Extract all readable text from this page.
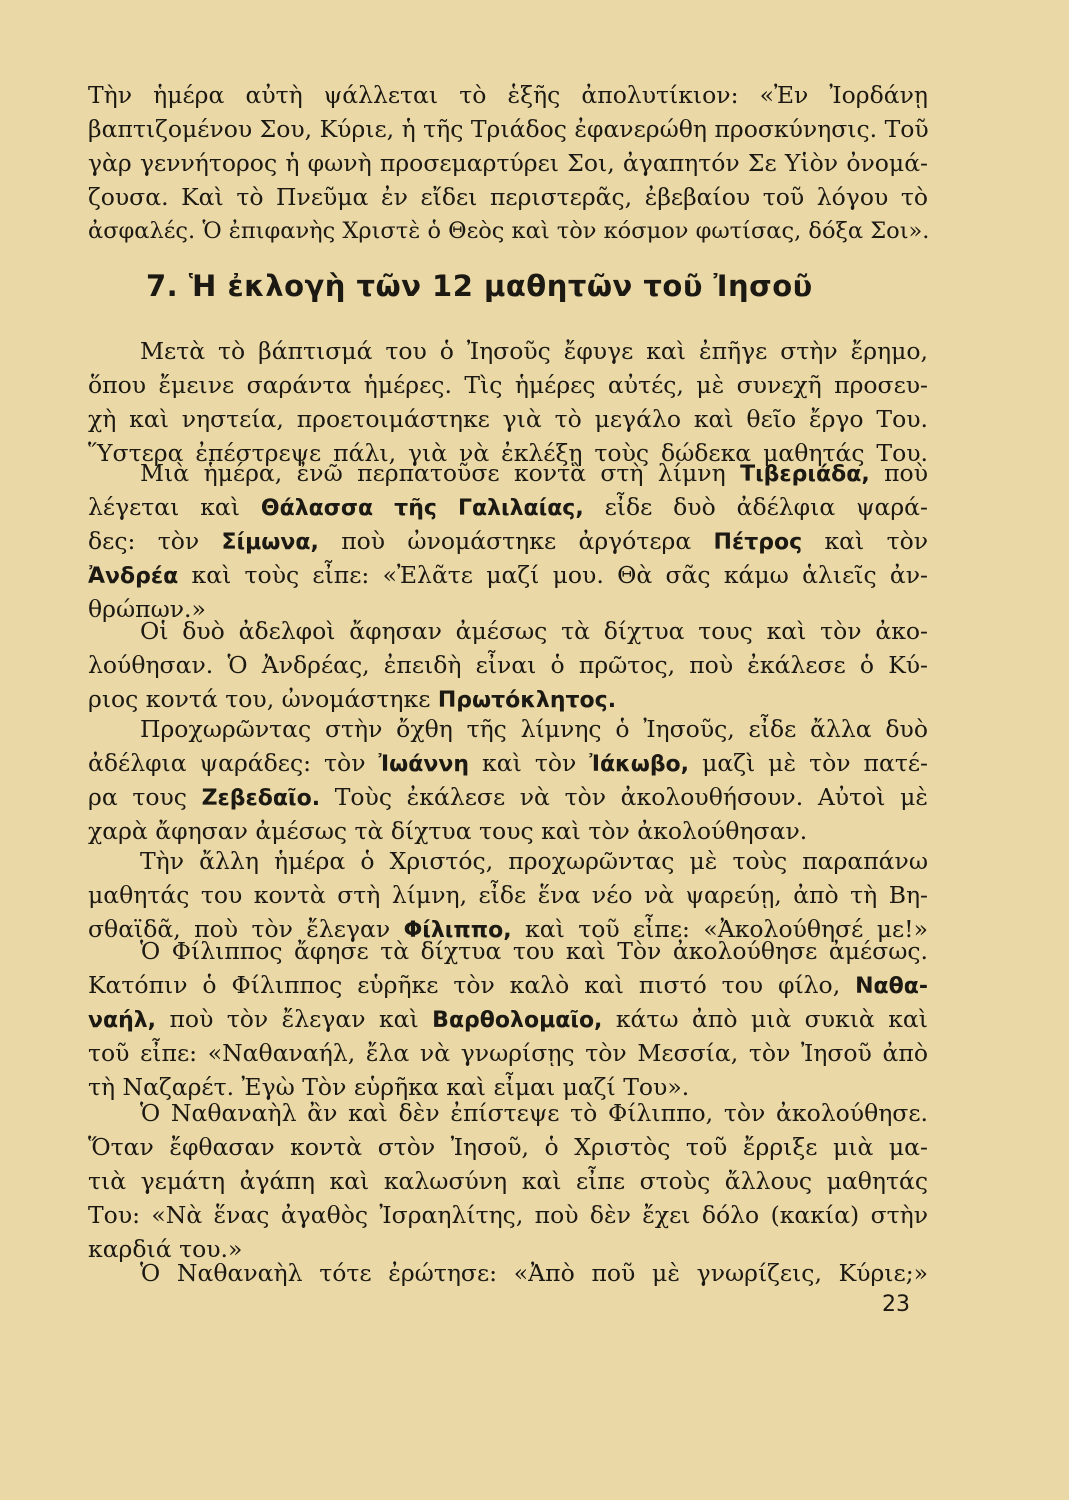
Τὴν ἡμέρα αὐτὴ ψάλλεται τὸ ἑξῆς ἀπολυτίκιον: «Ἐν Ἰορδάνῃ
βαπτιζομένου Σου, Κύριε, ἡ τῆς Τριάδος ἐφανερώθη προσκύνησις. Τοῦ
γὰρ γεννήτορος ἡ φωνὴ προσεμαρτύρει Σοι, ἀγαπητόν Σε Υἱὸν ὀνομά-
ζουσα. Καὶ τὸ Πνεῦμα ἐν εἴδει περιστερᾶς, ἐβεβαίου τοῦ λόγου τὸ
ἀσφαλές. Ὁ ἐπιφανὴς Χριστὲ ὁ Θεὸς καὶ τὸν κόσμον φωτίσας, δόξα Σοι».
7. Ἡ ἐκλογὴ τῶν 12 μαθητῶν τοῦ Ἰησοῦ
Μετὰ τὸ βάπτισμά του ὁ Ἰησοῦς ἔφυγε καὶ ἐπῆγε στὴν ἔρημο,
ὅπου ἔμεινε σαράντα ἡμέρες. Τὶς ἡμέρες αὐτές, μὲ συνεχῆ προσευ-
χὴ καὶ νηστεία, προετοιμάστηκε γιὰ τὸ μεγάλο καὶ θεῖο ἔργο Του.
Ὕστερα ἐπέστρεψε πάλι, γιὰ νὰ ἐκλέξῃ τοὺς δώδεκα μαθητάς Του.
Μιὰ ἡμέρα, ἐνῶ περπατοῦσε κοντὰ στὴ λίμνη Τιβεριάδα, ποὺ
λέγεται καὶ Θάλασσα τῆς Γαλιλαίας, εἶδε δυὸ ἀδέλφια ψαρά-
δες: τὸν Σίμωνα, ποὺ ὠνομάστηκε ἀργότερα Πέτρος καὶ τὸν
Ἀνδρέα καὶ τοὺς εἶπε: «Ἐλᾶτε μαζί μου. Θὰ σᾶς κάμω ἁλιεῖς ἀν-
θρώπων.»
Οἱ δυὸ ἀδελφοὶ ἄφησαν ἀμέσως τὰ δίχτυα τους καὶ τὸν ἀκο-
λούθησαν. Ὁ Ἀνδρέας, ἐπειδὴ εἶναι ὁ πρῶτος, ποὺ ἐκάλεσε ὁ Κύ-
ριος κοντά του, ὠνομάστηκε Πρωτόκλητος.
Προχωρῶντας στὴν ὄχθη τῆς λίμνης ὁ Ἰησοῦς, εἶδε ἄλλα δυὸ
ἀδέλφια ψαράδες: τὸν Ἰωάννη καὶ τὸν Ἰάκωβο, μαζὶ μὲ τὸν πατέ-
ρα τους Ζεβεδαῖο. Τοὺς ἐκάλεσε νὰ τὸν ἀκολουθήσουν. Αὐτοὶ μὲ
χαρὰ ἄφησαν ἀμέσως τὰ δίχτυα τους καὶ τὸν ἀκολούθησαν.
Τὴν ἄλλη ἡμέρα ὁ Χριστός, προχωρῶντας μὲ τοὺς παραπάνω
μαθητάς του κοντὰ στὴ λίμνη, εἶδε ἕνα νέο νὰ ψαρεύῃ, ἀπὸ τὴ Βη-
σθαϊδᾶ, ποὺ τὸν ἔλεγαν Φίλιππο, καὶ τοῦ εἶπε: «Ἀκολούθησέ με!»
Ὁ Φίλιππος ἄφησε τὰ δίχτυα του καὶ Τὸν ἀκολούθησε ἀμέσως.
Κατόπιν ὁ Φίλιππος εὑρῆκε τὸν καλὸ καὶ πιστό του φίλο, Ναθα-
ναήλ, ποὺ τὸν ἔλεγαν καὶ Βαρθολομαῖο, κάτω ἀπὸ μιὰ συκιὰ καὶ
τοῦ εἶπε: «Ναθαναήλ, ἔλα νὰ γνωρίσῃς τὸν Μεσσία, τὸν Ἰησοῦ ἀπὸ
τὴ Ναζαρέτ. Ἐγὼ Τὸν εὑρῆκα καὶ εἶμαι μαζί Του».
Ὁ Ναθαναὴλ ἂν καὶ δὲν ἐπίστεψε τὸ Φίλιππο, τὸν ἀκολούθησε.
Ὅταν ἔφθασαν κοντὰ στὸν Ἰησοῦ, ὁ Χριστὸς τοῦ ἔρριξε μιὰ μα-
τιὰ γεμάτη ἀγάπη καὶ καλωσύνη καὶ εἶπε στοὺς ἄλλους μαθητάς
Του: «Νὰ ἕνας ἀγαθὸς Ἰσραηλίτης, ποὺ δὲν ἔχει δόλο (κακία) στὴν
καρδιά του.»
Ὁ Ναθαναὴλ τότε ἐρώτησε: «Ἀπὸ ποῦ μὲ γνωρίζεις, Κύριε;»
23
